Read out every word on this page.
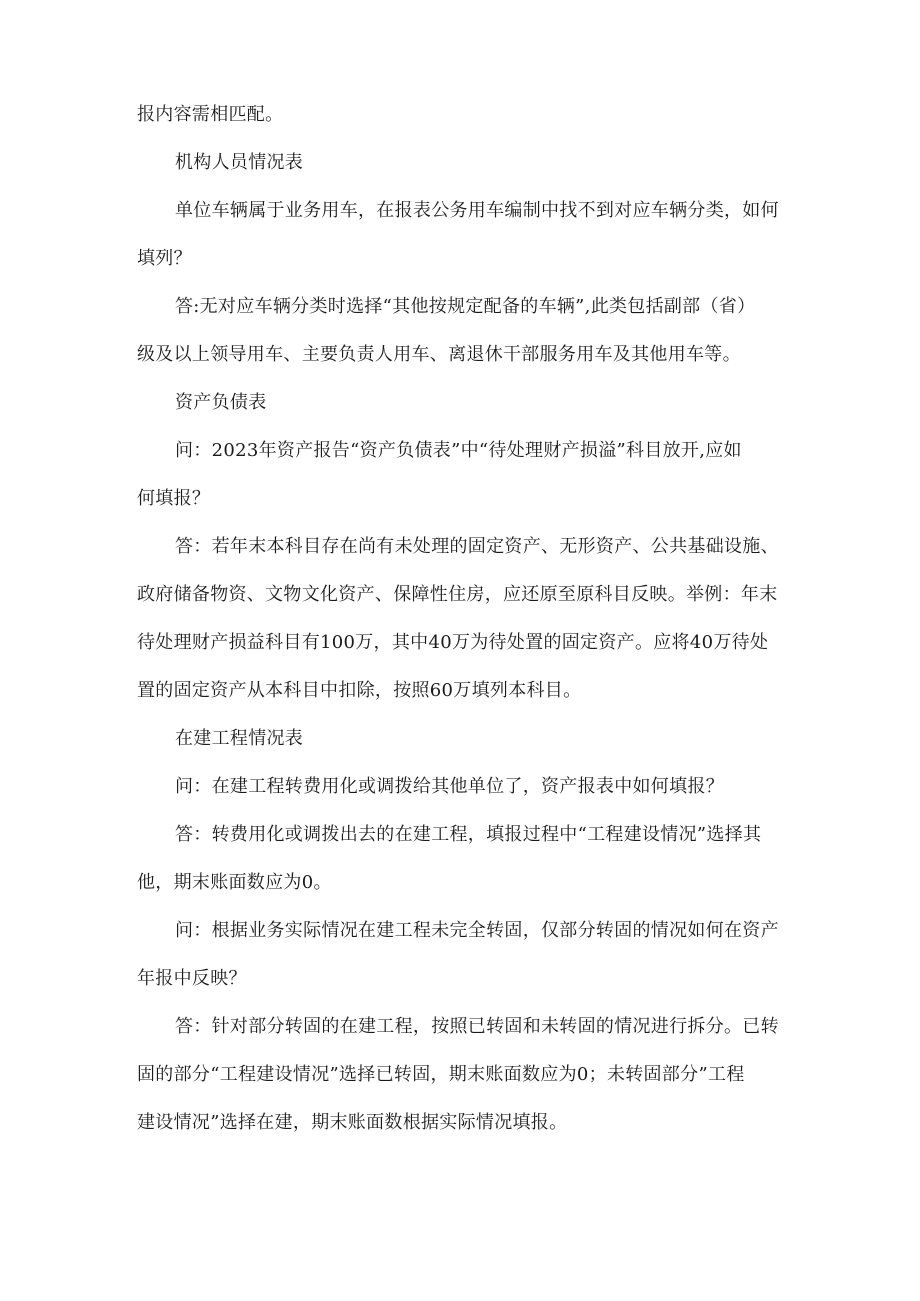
报内容需相匹配。
机构人员情况表
单位车辆属于业务用车，在报表公务用车编制中找不到对应车辆分类，如何
填列？
答:无对应车辆分类时选择“其他按规定配备的车辆”,此类包括副部（省）
级及以上领导用车、主要负责人用车、离退休干部服务用车及其他用车等。
资产负债表
问：2023年资产报告“资产负债表”中“待处理财产损溢”科目放开,应如
何填报？
答：若年末本科目存在尚有未处理的固定资产、无形资产、公共基础设施、
政府储备物资、文物文化资产、保障性住房，应还原至原科目反映。举例：年末
待处理财产损益科目有100万，其中40万为待处置的固定资产。应将40万待处
置的固定资产从本科目中扣除，按照60万填列本科目。
在建工程情况表
问：在建工程转费用化或调拨给其他单位了，资产报表中如何填报？
答：转费用化或调拨出去的在建工程，填报过程中“工程建设情况”选择其
他，期末账面数应为0。
问：根据业务实际情况在建工程未完全转固，仅部分转固的情况如何在资产
年报中反映？
答：针对部分转固的在建工程，按照已转固和未转固的情况进行拆分。已转
固的部分“工程建设情况”选择已转固，期末账面数应为0；未转固部分”工程
建设情况”选择在建，期末账面数根据实际情况填报。
